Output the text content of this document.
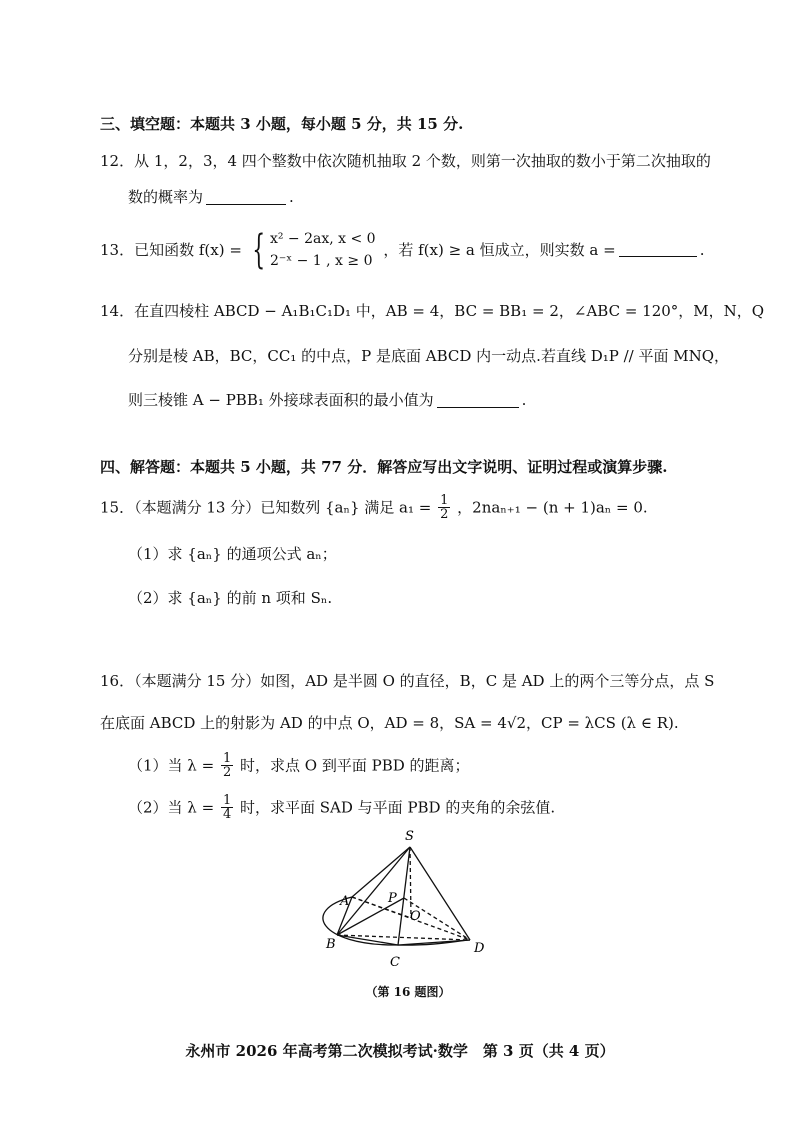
三、填空题：本题共 3 小题，每小题 5 分，共 15 分.
12．从 1，2，3，4 四个整数中依次随机抽取 2 个数，则第一次抽取的数小于第二次抽取的
数的概率为	.
13．已知函数 f(x) = { x² − 2ax, x < 0
2⁻ˣ − 1 , x ≥ 0
，若 f(x) ≥ a 恒成立，则实数 a =	.
14．在直四棱柱 ABCD − A₁B₁C₁D₁ 中，AB = 4，BC = BB₁ = 2，∠ABC = 120°，M，N，Q
分别是棱 AB，BC，CC₁ 的中点，P 是底面 ABCD 内一动点.若直线 D₁P // 平面 MNQ，
则三棱锥 A − PBB₁ 外接球表面积的最小值为	.
四、解答题：本题共 5 小题，共 77 分．解答应写出文字说明、证明过程或演算步骤.
15．（本题满分 13 分）已知数列 {aₙ} 满足 $a_1 = \frac{1}{2}$ ，2naₙ₊₁ − (n + 1)aₙ = 0.
（1）求 {aₙ} 的通项公式 aₙ；
（2）求 {aₙ} 的前 n 项和 Sₙ.
16．（本题满分 15 分）如图，AD 是半圆 O 的直径，B，C 是 AD 上的两个三等分点，点 S
在底面 ABCD 上的射影为 AD 的中点 O，AD = 8，SA = 4√2，CP = λCS (λ ∈ R).
（1）当 $\lambda = \frac{1}{2}$ 时，求点 O 到平面 PBD 的距离；
（2）当 $\lambda = \frac{1}{4}$ 时，求平面 SAD 与平面 PBD 的夹角的余弦值.
S
A	P
O
B	D
C
（第 16 题图）
永州市 2026 年高考第二次模拟考试·数学　第 3 页（共 4 页）
